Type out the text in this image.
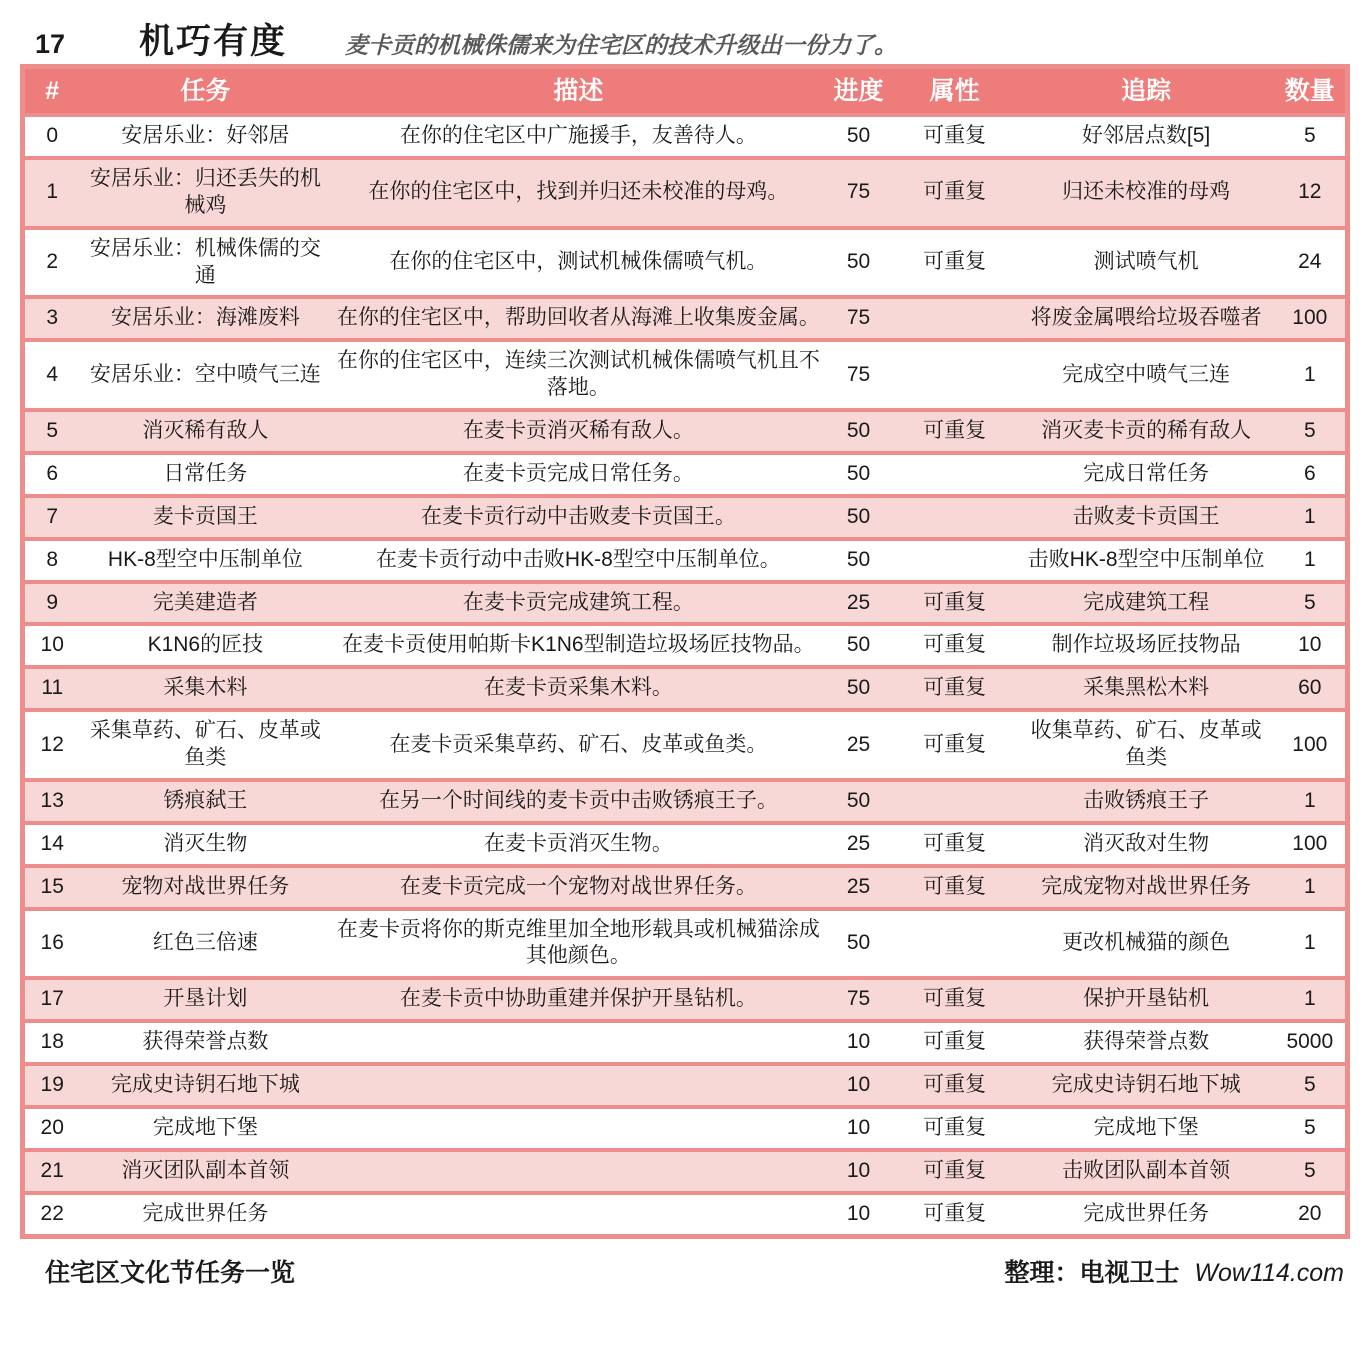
17	机巧有度	麦卡贡的机械侏儒来为住宅区的技术升级出一份力了。
#	任务	描述	进度	属性	追踪	数量
0	安居乐业：好邻居	在你的住宅区中广施援手，友善待人。	50	可重复	好邻居点数[5]	5
1	安居乐业：归还丢失的机械鸡	在你的住宅区中，找到并归还未校准的母鸡。	75	可重复	归还未校准的母鸡	12
2	安居乐业：机械侏儒的交通	在你的住宅区中，测试机械侏儒喷气机。	50	可重复	测试喷气机	24
3	安居乐业：海滩废料	在你的住宅区中，帮助回收者从海滩上收集废金属。	75		将废金属喂给垃圾吞噬者	100
4	安居乐业：空中喷气三连	在你的住宅区中，连续三次测试机械侏儒喷气机且不落地。	75		完成空中喷气三连	1
5	消灭稀有敌人	在麦卡贡消灭稀有敌人。	50	可重复	消灭麦卡贡的稀有敌人	5
6	日常任务	在麦卡贡完成日常任务。	50		完成日常任务	6
7	麦卡贡国王	在麦卡贡行动中击败麦卡贡国王。	50		击败麦卡贡国王	1
8	HK-8型空中压制单位	在麦卡贡行动中击败HK-8型空中压制单位。	50		击败HK-8型空中压制单位	1
9	完美建造者	在麦卡贡完成建筑工程。	25	可重复	完成建筑工程	5
10	K1N6的匠技	在麦卡贡使用帕斯卡K1N6型制造垃圾场匠技物品。	50	可重复	制作垃圾场匠技物品	10
11	采集木料	在麦卡贡采集木料。	50	可重复	采集黑松木料	60
12	采集草药、矿石、皮革或鱼类	在麦卡贡采集草药、矿石、皮革或鱼类。	25	可重复	收集草药、矿石、皮革或鱼类	100
13	锈痕弑王	在另一个时间线的麦卡贡中击败锈痕王子。	50		击败锈痕王子	1
14	消灭生物	在麦卡贡消灭生物。	25	可重复	消灭敌对生物	100
15	宠物对战世界任务	在麦卡贡完成一个宠物对战世界任务。	25	可重复	完成宠物对战世界任务	1
16	红色三倍速	在麦卡贡将你的斯克维里加全地形载具或机械猫涂成其他颜色。	50		更改机械猫的颜色	1
17	开垦计划	在麦卡贡中协助重建并保护开垦钻机。	75	可重复	保护开垦钻机	1
18	获得荣誉点数		10	可重复	获得荣誉点数	5000
19	完成史诗钥石地下城		10	可重复	完成史诗钥石地下城	5
20	完成地下堡		10	可重复	完成地下堡	5
21	消灭团队副本首领		10	可重复	击败团队副本首领	5
22	完成世界任务		10	可重复	完成世界任务	20
住宅区文化节任务一览	整理：电视卫士 Wow114.com
